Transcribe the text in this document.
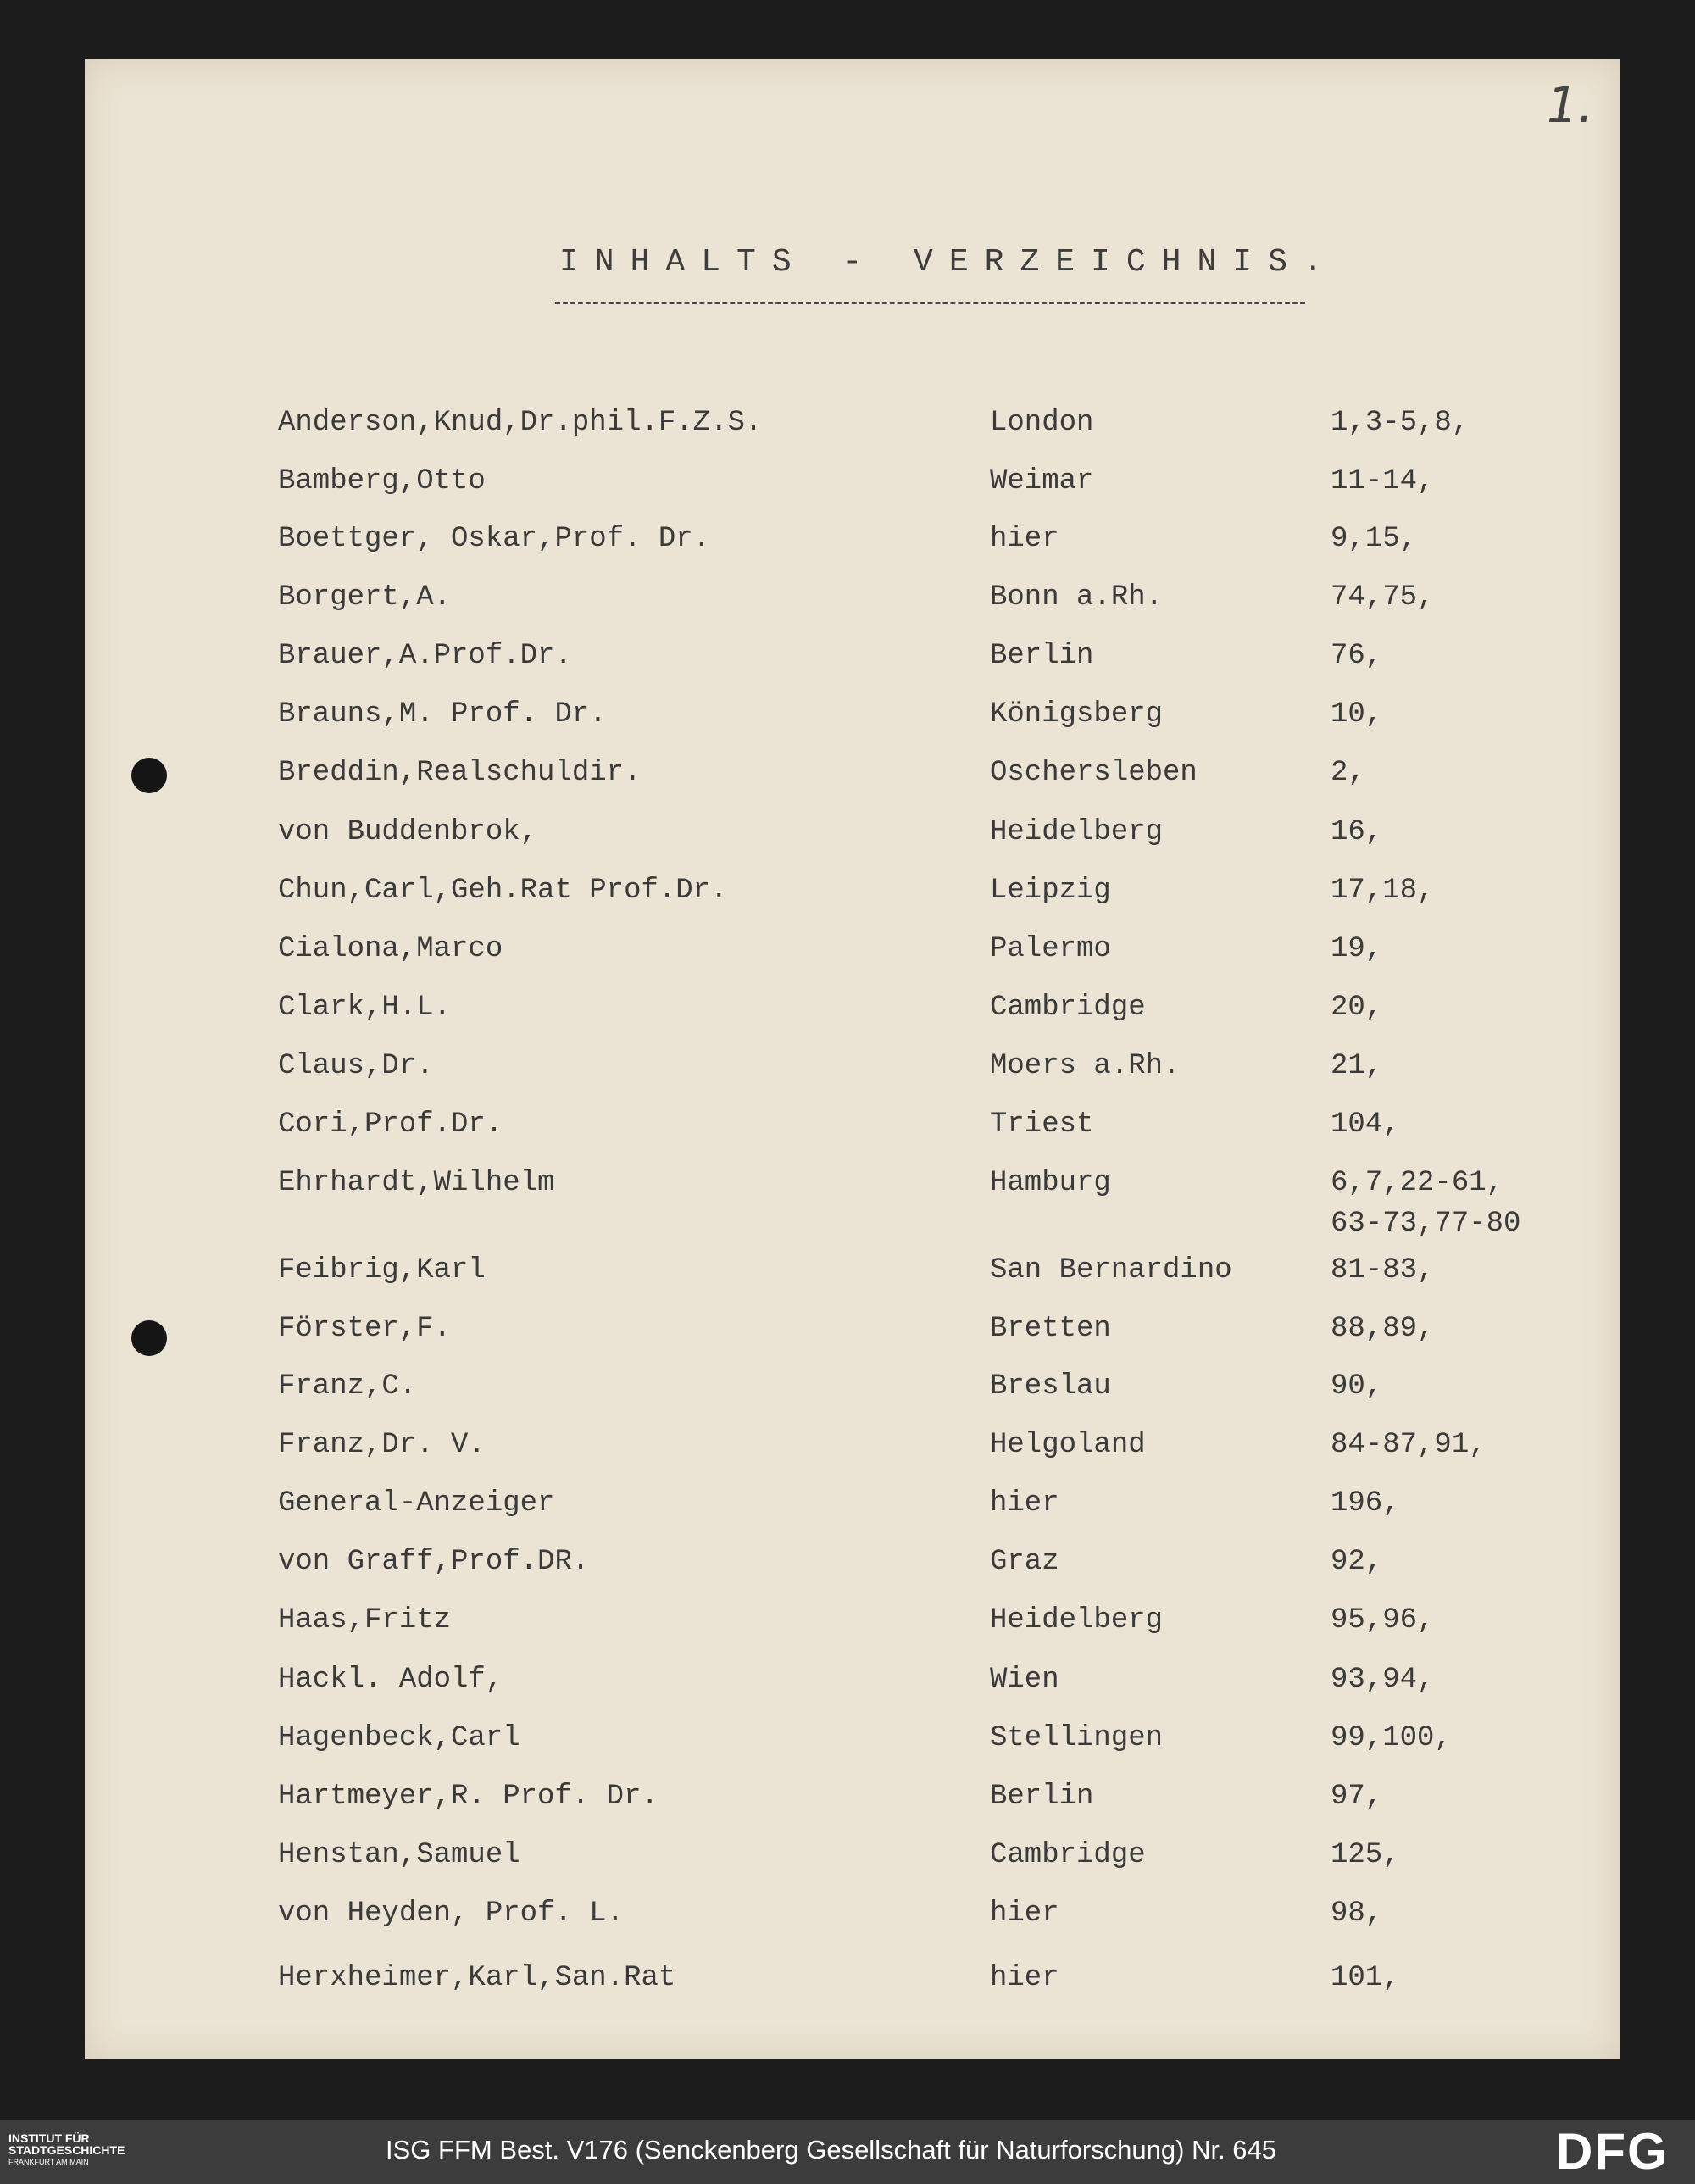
1.
INHALTS - VERZEICHNIS.
Anderson,Knud,Dr.phil.F.Z.S.	London	1,3-5,8,
Bamberg,Otto	Weimar	11-14,
Boettger, Oskar,Prof. Dr.	hier	9,15,
Borgert,A.	Bonn a.Rh.	74,75,
Brauer,A.Prof.Dr.	Berlin	76,
Brauns,M. Prof. Dr.	Königsberg	10,
Breddin,Realschuldir.	Oschersleben	2,
von Buddenbrok,	Heidelberg	16,
Chun,Carl,Geh.Rat Prof.Dr.	Leipzig	17,18,
Cialona,Marco	Palermo	19,
Clark,H.L.	Cambridge	20,
Claus,Dr.	Moers a.Rh.	21,
Cori,Prof.Dr.	Triest	104,
Ehrhardt,Wilhelm	Hamburg	6,7,22-61,
63-73,77-80
Feibrig,Karl	San Bernardino	81-83,
Förster,F.	Bretten	88,89,
Franz,C.	Breslau	90,
Franz,Dr. V.	Helgoland	84-87,91,
General-Anzeiger	hier	196,
von Graff,Prof.DR.	Graz	92,
Haas,Fritz	Heidelberg	95,96,
Hackl. Adolf,	Wien	93,94,
Hagenbeck,Carl	Stellingen	99,100,
Hartmeyer,R. Prof. Dr.	Berlin	97,
Henstan,Samuel	Cambridge	125,
von Heyden, Prof. L.	hier	98,
Herxheimer,Karl,San.Rat	hier	101,
INSTITUT FÜR
STADTGESCHICHTE
FRANKFURT AM MAIN	ISG FFM Best. V176 (Senckenberg Gesellschaft für Naturforschung) Nr. 645	DFG
